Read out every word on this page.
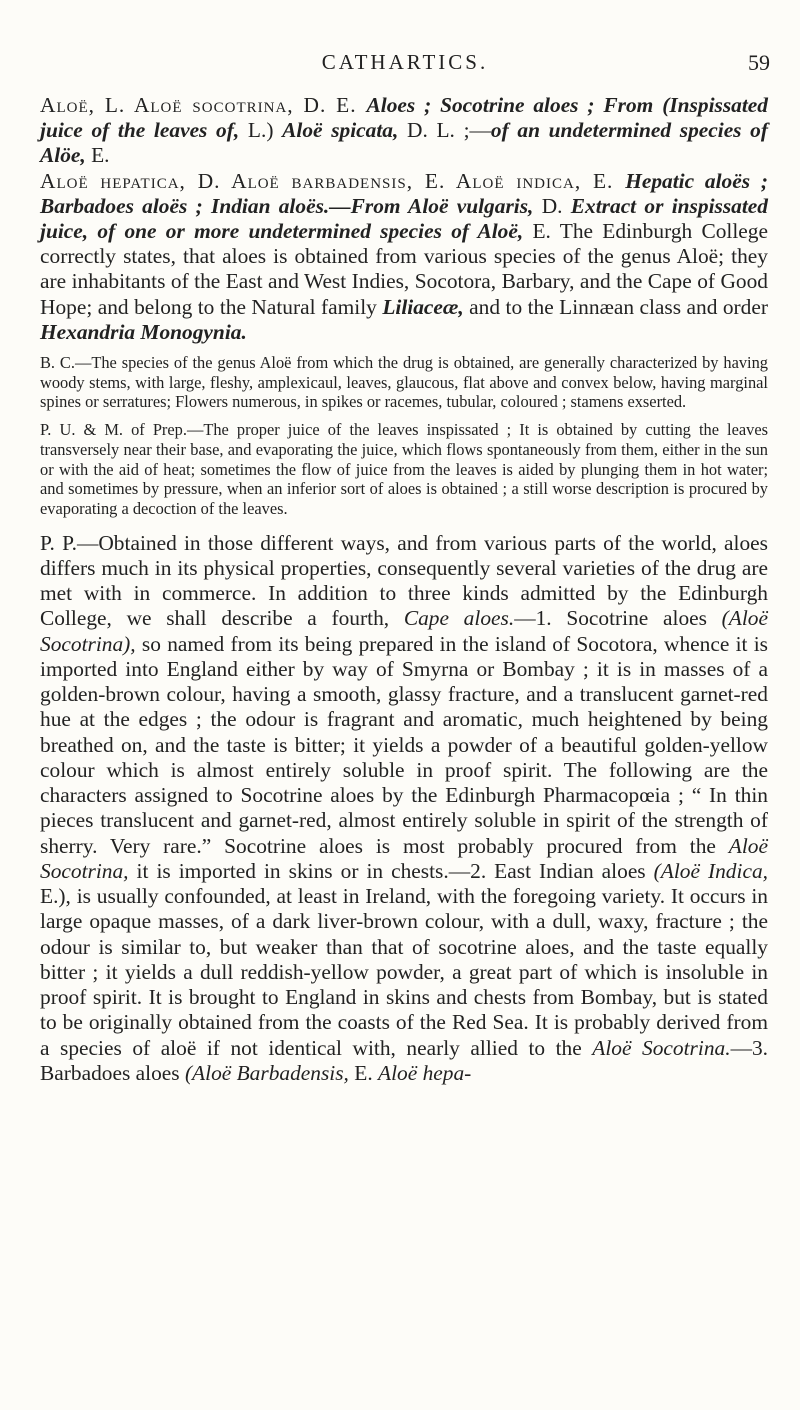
CATHARTICS.	59

Aloë, L. Aloë socotrina, D. E. Aloes ; Socotrine aloes ; From (Inspissated juice of the leaves of, L.) Aloë spicata, D. L. ;—of an undetermined species of Alöe, E.
Aloë hepatica, D. Aloë barbadensis, E. Aloë indica, E. Hepatic aloës ; Barbadoes aloës ; Indian aloës.—From Aloë vulgaris, D. Extract or inspissated juice, of one or more undetermined species of Aloë, E. The Edinburgh College correctly states, that aloes is obtained from various species of the genus Aloë; they are inhabitants of the East and West Indies, Socotora, Barbary, and the Cape of Good Hope; and belong to the Natural family Liliaceæ, and to the Linnæan class and order Hexandria Monogynia.

B. C.—The species of the genus Aloë from which the drug is obtained, are generally characterized by having woody stems, with large, fleshy, amplexicaul, leaves, glaucous, flat above and convex below, having marginal spines or serratures; Flowers numerous, in spikes or racemes, tubular, coloured ; stamens exserted.

P. U. & M. of Prep.—The proper juice of the leaves inspissated ; It is obtained by cutting the leaves transversely near their base, and evaporating the juice, which flows spontaneously from them, either in the sun or with the aid of heat; sometimes the flow of juice from the leaves is aided by plunging them in hot water; and sometimes by pressure, when an inferior sort of aloes is obtained ; a still worse description is procured by evaporating a decoction of the leaves.

P. P.—Obtained in those different ways, and from various parts of the world, aloes differs much in its physical properties, consequently several varieties of the drug are met with in commerce. In addition to three kinds admitted by the Edinburgh College, we shall describe a fourth, Cape aloes.—1. Socotrine aloes (Aloë Socotrina), so named from its being prepared in the island of Socotora, whence it is imported into England either by way of Smyrna or Bombay ; it is in masses of a golden-brown colour, having a smooth, glassy fracture, and a translucent garnet-red hue at the edges ; the odour is fragrant and aromatic, much heightened by being breathed on, and the taste is bitter; it yields a powder of a beautiful golden-yellow colour which is almost entirely soluble in proof spirit. The following are the characters assigned to Socotrine aloes by the Edinburgh Pharmacopœia ; “ In thin pieces translucent and garnet-red, almost entirely soluble in spirit of the strength of sherry. Very rare.” Socotrine aloes is most probably procured from the Aloë Socotrina, it is imported in skins or in chests.—2. East Indian aloes (Aloë Indica, E.), is usually confounded, at least in Ireland, with the foregoing variety. It occurs in large opaque masses, of a dark liver-brown colour, with a dull, waxy, fracture ; the odour is similar to, but weaker than that of socotrine aloes, and the taste equally bitter ; it yields a dull reddish-yellow powder, a great part of which is insoluble in proof spirit. It is brought to England in skins and chests from Bombay, but is stated to be originally obtained from the coasts of the Red Sea. It is probably derived from a species of aloë if not identical with, nearly allied to the Aloë Socotrina.—3. Barbadoes aloes (Aloë Barbadensis, E. Aloë hepa-
